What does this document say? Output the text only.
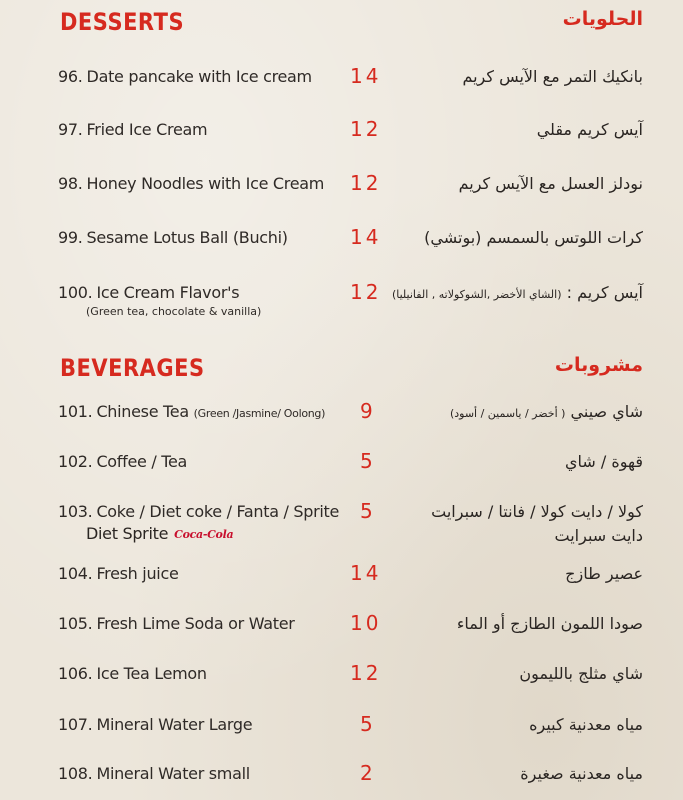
DESSERTS	الحلويات
96. Date pancake with Ice cream 14	بانكيك التمر مع الآيس كريم
97. Fried Ice Cream	12	آيس كريم مقلي
98. Honey Noodles with Ice Cream 12	نودلز العسل مع الآيس كريم
99. Sesame Lotus Ball (Buchi)	14	كرات اللوتس بالسمسم (بوتشي)
100. Ice Cream Flavor's
(Green tea, chocolate & vanilla)
12	آيس كريم : (الشاي الأخضر ,الشوكولاته , الفانيليا)
BEVERAGES	مشروبات
101. Chinese Tea (Green /Jasmine/ Oolong) 9	شاي صيني ( أخضر / ياسمين / أسود)
102. Coffee / Tea	5	قهوة / شاي
103. Coke / Diet coke / Fanta / Sprite
Diet Sprite Coca-Cola
5	كولا / دايت كولا / فانتا / سبرايت
دايت سبرايت
104. Fresh juice	14	عصير طازج
105. Fresh Lime Soda or Water	10	صودا اللمون الطازج أو الماء
106. Ice Tea Lemon	12	شاي مثلج بالليمون
107. Mineral Water Large	5	مياه معدنية كبيره
108. Mineral Water small	2	مياه معدنية صغيرة
